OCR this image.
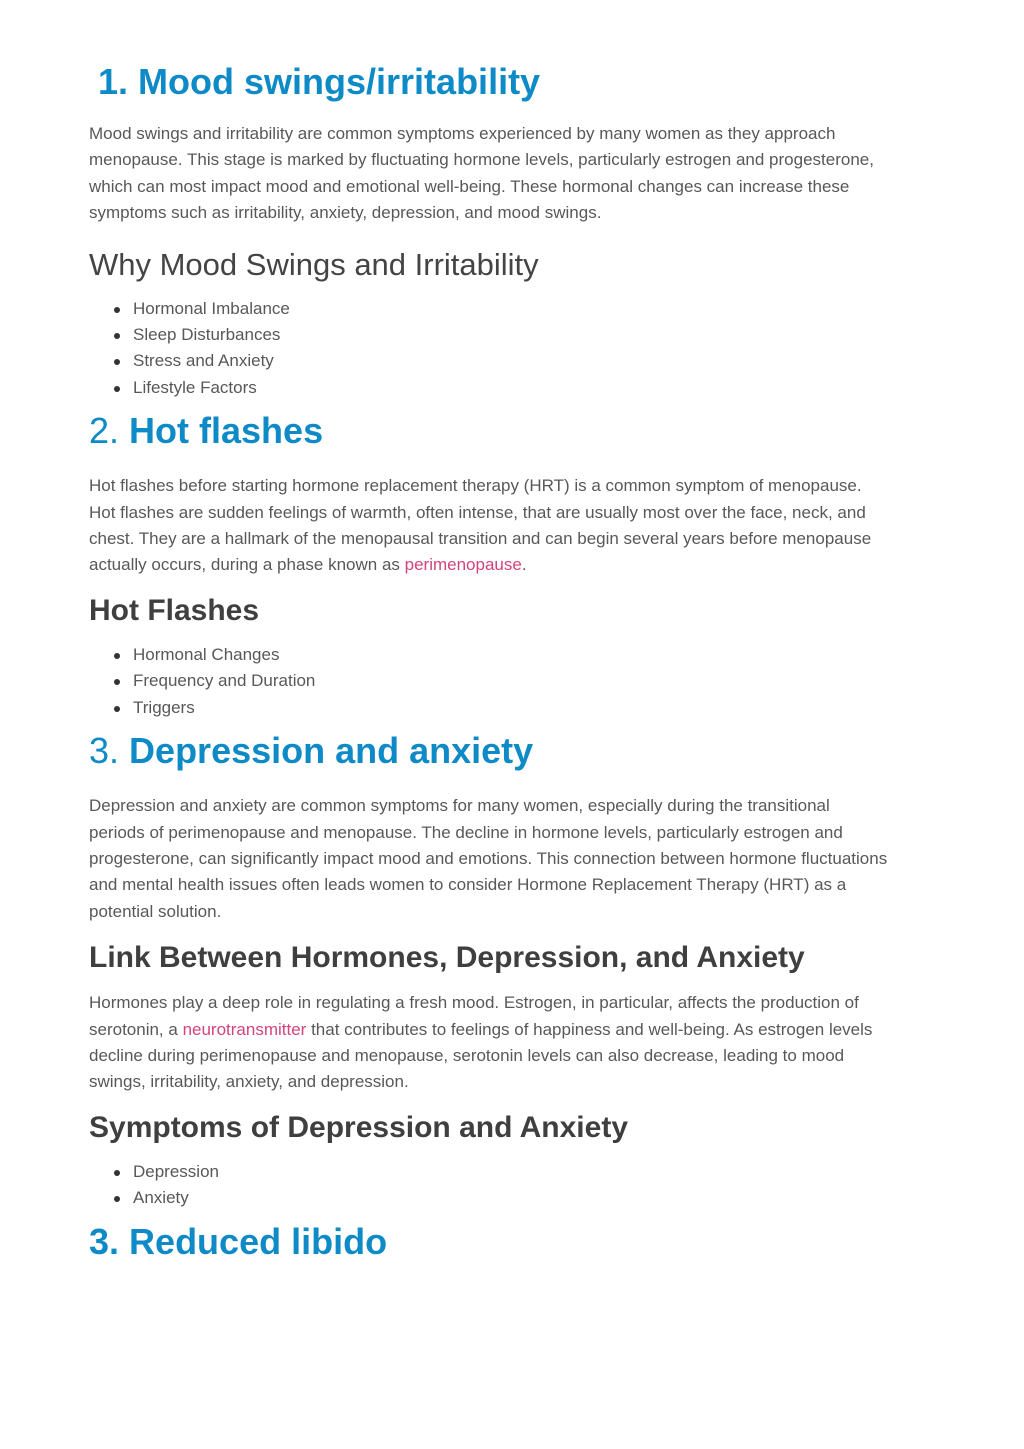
1. Mood swings/irritability

Mood swings and irritability are common symptoms experienced by many women as they approach menopause. This stage is marked by fluctuating hormone levels, particularly estrogen and progesterone, which can most impact mood and emotional well-being. These hormonal changes can increase these symptoms such as irritability, anxiety, depression, and mood swings.

Why Mood Swings and Irritability
Hormonal Imbalance
Sleep Disturbances
Stress and Anxiety
Lifestyle Factors
2. Hot flashes

Hot flashes before starting hormone replacement therapy (HRT) is a common symptom of menopause. Hot flashes are sudden feelings of warmth, often intense, that are usually most over the face, neck, and chest. They are a hallmark of the menopausal transition and can begin several years before menopause actually occurs, during a phase known as perimenopause.

Hot Flashes
Hormonal Changes
Frequency and Duration
Triggers
3. Depression and anxiety

Depression and anxiety are common symptoms for many women, especially during the transitional periods of perimenopause and menopause. The decline in hormone levels, particularly estrogen and progesterone, can significantly impact mood and emotions. This connection between hormone fluctuations and mental health issues often leads women to consider Hormone Replacement Therapy (HRT) as a potential solution.

Link Between Hormones, Depression, and Anxiety

Hormones play a deep role in regulating a fresh mood. Estrogen, in particular, affects the production of serotonin, a neurotransmitter that contributes to feelings of happiness and well-being. As estrogen levels decline during perimenopause and menopause, serotonin levels can also decrease, leading to mood swings, irritability, anxiety, and depression.

Symptoms of Depression and Anxiety
Depression
Anxiety
3. Reduced libido
